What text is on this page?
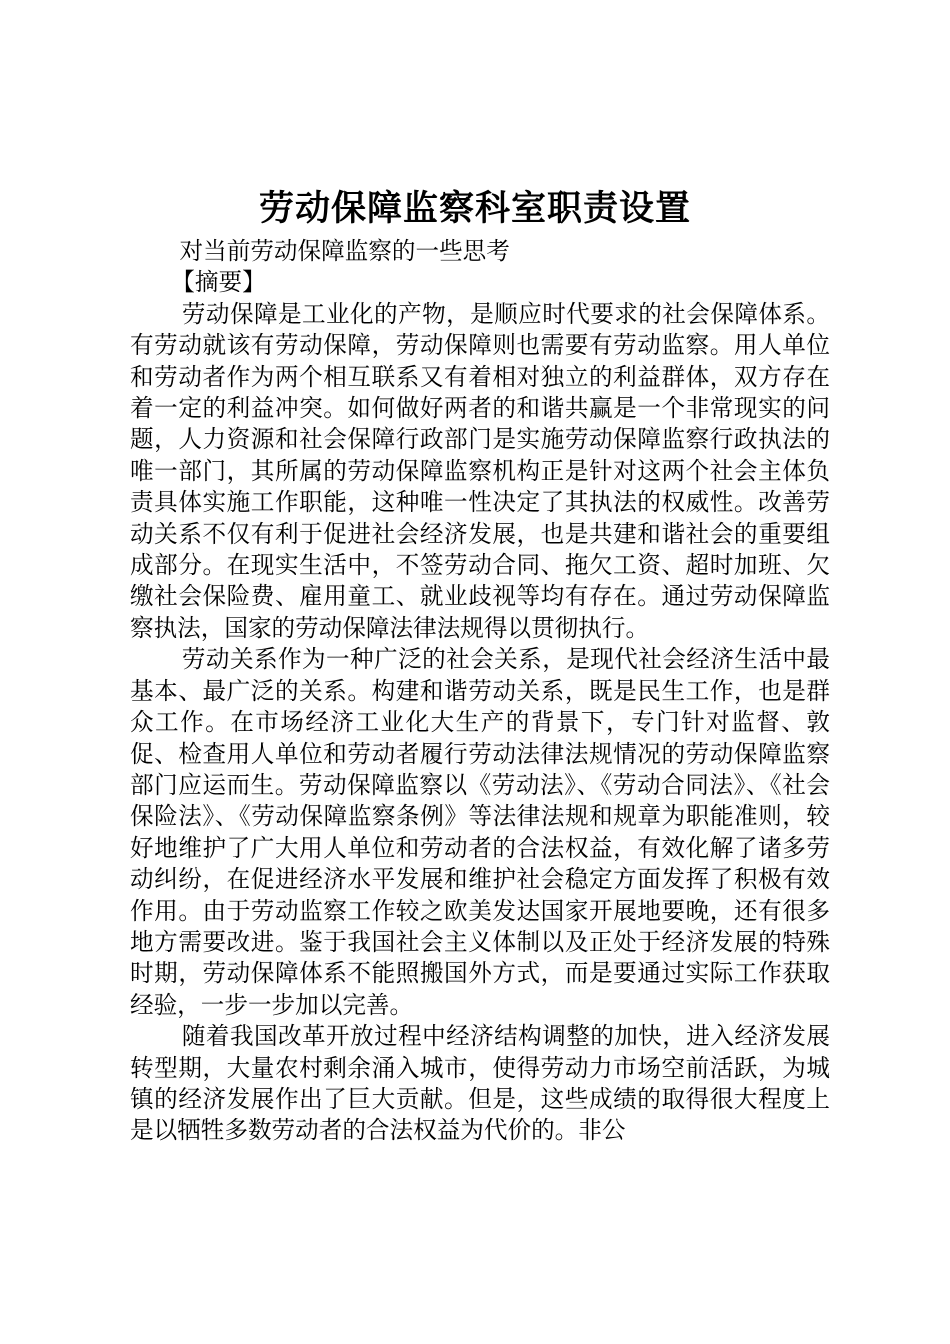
劳动保障监察科室职责设置

对当前劳动保障监察的一些思考

【摘要】

劳动保障是工业化的产物，是顺应时代要求的社会保障体系。有劳动就该有劳动保障，劳动保障则也需要有劳动监察。用人单位和劳动者作为两个相互联系又有着相对独立的利益群体，双方存在着一定的利益冲突。如何做好两者的和谐共赢是一个非常现实的问题，人力资源和社会保障行政部门是实施劳动保障监察行政执法的唯一部门，其所属的劳动保障监察机构正是针对这两个社会主体负责具体实施工作职能，这种唯一性决定了其执法的权威性。改善劳动关系不仅有利于促进社会经济发展，也是共建和谐社会的重要组成部分。在现实生活中，不签劳动合同、拖欠工资、超时加班、欠缴社会保险费、雇用童工、就业歧视等均有存在。通过劳动保障监察执法，国家的劳动保障法律法规得以贯彻执行。

劳动关系作为一种广泛的社会关系，是现代社会经济生活中最基本、最广泛的关系。构建和谐劳动关系，既是民生工作，也是群众工作。在市场经济工业化大生产的背景下，专门针对监督、敦促、检查用人单位和劳动者履行劳动法律法规情况的劳动保障监察部门应运而生。劳动保障监察以《劳动法》、《劳动合同法》、《社会保险法》、《劳动保障监察条例》等法律法规和规章为职能准则，较好地维护了广大用人单位和劳动者的合法权益，有效化解了诸多劳动纠纷，在促进经济水平发展和维护社会稳定方面发挥了积极有效作用。由于劳动监察工作较之欧美发达国家开展地要晚，还有很多地方需要改进。鉴于我国社会主义体制以及正处于经济发展的特殊时期，劳动保障体系不能照搬国外方式，而是要通过实际工作获取经验，一步一步加以完善。

随着我国改革开放过程中经济结构调整的加快，进入经济发展转型期，大量农村剩余涌入城市，使得劳动力市场空前活跃，为城镇的经济发展作出了巨大贡献。但是，这些成绩的取得很大程度上是以牺牲多数劳动者的合法权益为代价的。非公
